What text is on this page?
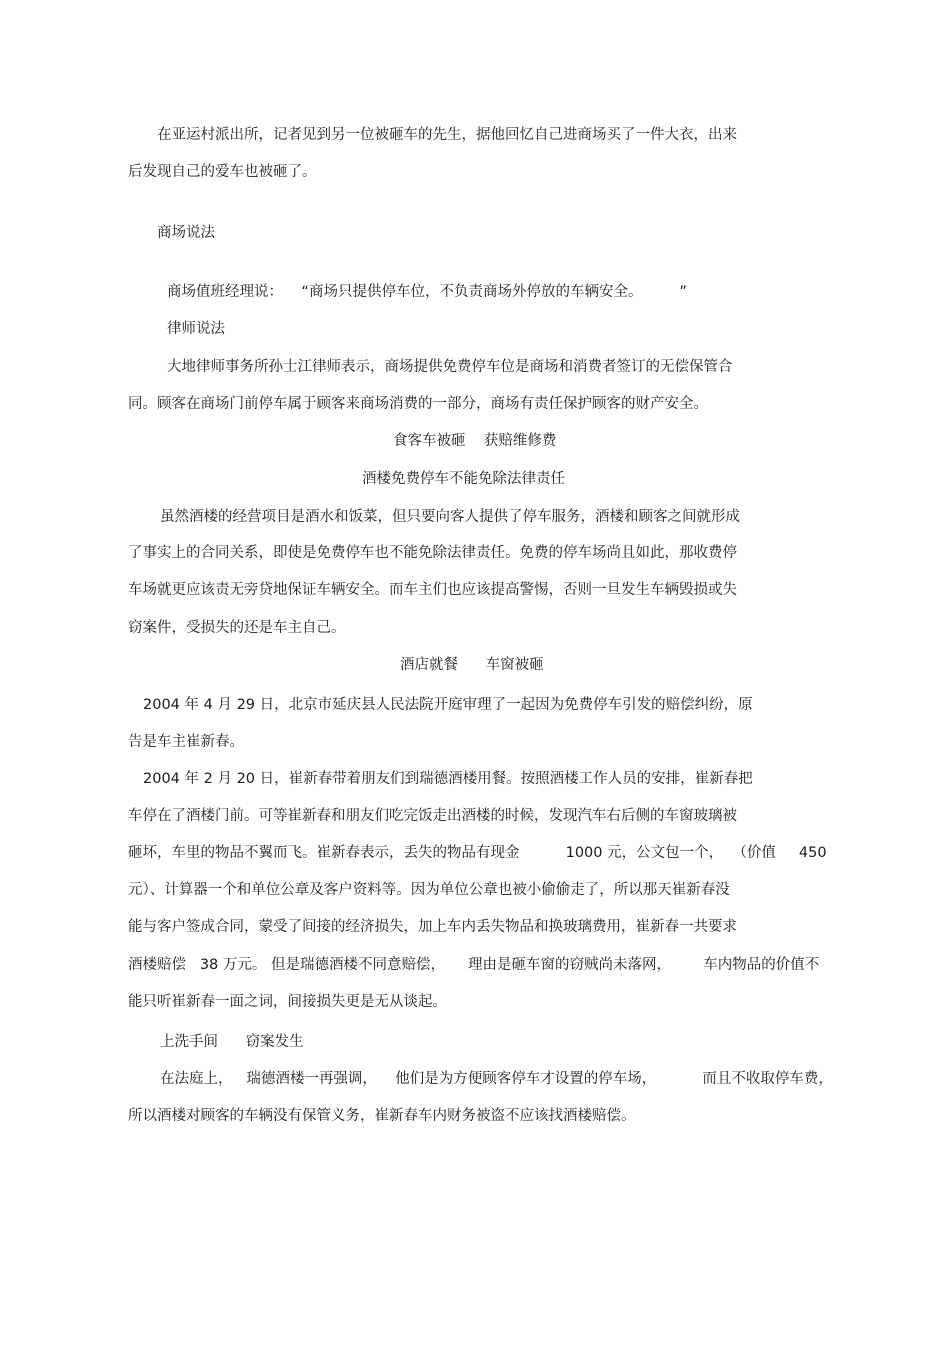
在亚运村派出所，记者见到另一位被砸车的先生，据他回忆自己进商场买了一件大衣，出来

后发现自己的爱车也被砸了。

商场说法

商场值班经理说：    “商场只提供停车位，不负责商场外停放的车辆安全。        ”

律师说法

大地律师事务所孙士江律师表示，商场提供免费停车位是商场和消费者签订的无偿保管合

同。顾客在商场门前停车属于顾客来商场消费的一部分，商场有责任保护顾客的财产安全。

食客车被砸    获赔维修费

酒楼免费停车不能免除法律责任

虽然酒楼的经营项目是酒水和饭菜，但只要向客人提供了停车服务，酒楼和顾客之间就形成

了事实上的合同关系，即使是免费停车也不能免除法律责任。免费的停车场尚且如此，那收费停

车场就更应该责无旁贷地保证车辆安全。而车主们也应该提高警惕，否则一旦发生车辆毁损或失

窃案件，受损失的还是车主自己。

酒店就餐      车窗被砸

2004 年 4 月 29 日，北京市延庆县人民法院开庭审理了一起因为免费停车引发的赔偿纠纷，原

告是车主崔新春。

2004 年 2 月 20 日，崔新春带着朋友们到瑞德酒楼用餐。按照酒楼工作人员的安排，崔新春把

车停在了酒楼门前。可等崔新春和朋友们吃完饭走出酒楼的时候，发现汽车右后侧的车窗玻璃被

砸坏，车里的物品不翼而飞。崔新春表示，丢失的物品有现金          1000 元，公文包一个，  （价值     450

元）、计算器一个和单位公章及客户资料等。因为单位公章也被小偷偷走了，所以那天崔新春没

能与客户签成合同，蒙受了间接的经济损失，加上车内丢失物品和换玻璃费用，崔新春一共要求

酒楼赔偿   38 万元。 但是瑞德酒楼不同意赔偿，     理由是砸车窗的窃贼尚未落网，       车内物品的价值不

能只听崔新春一面之词，间接损失更是无从谈起。

上洗手间      窃案发生

在法庭上，   瑞德酒楼一再强调，    他们是为方便顾客停车才设置的停车场，          而且不收取停车费，

所以酒楼对顾客的车辆没有保管义务，崔新春车内财务被盗不应该找酒楼赔偿。
